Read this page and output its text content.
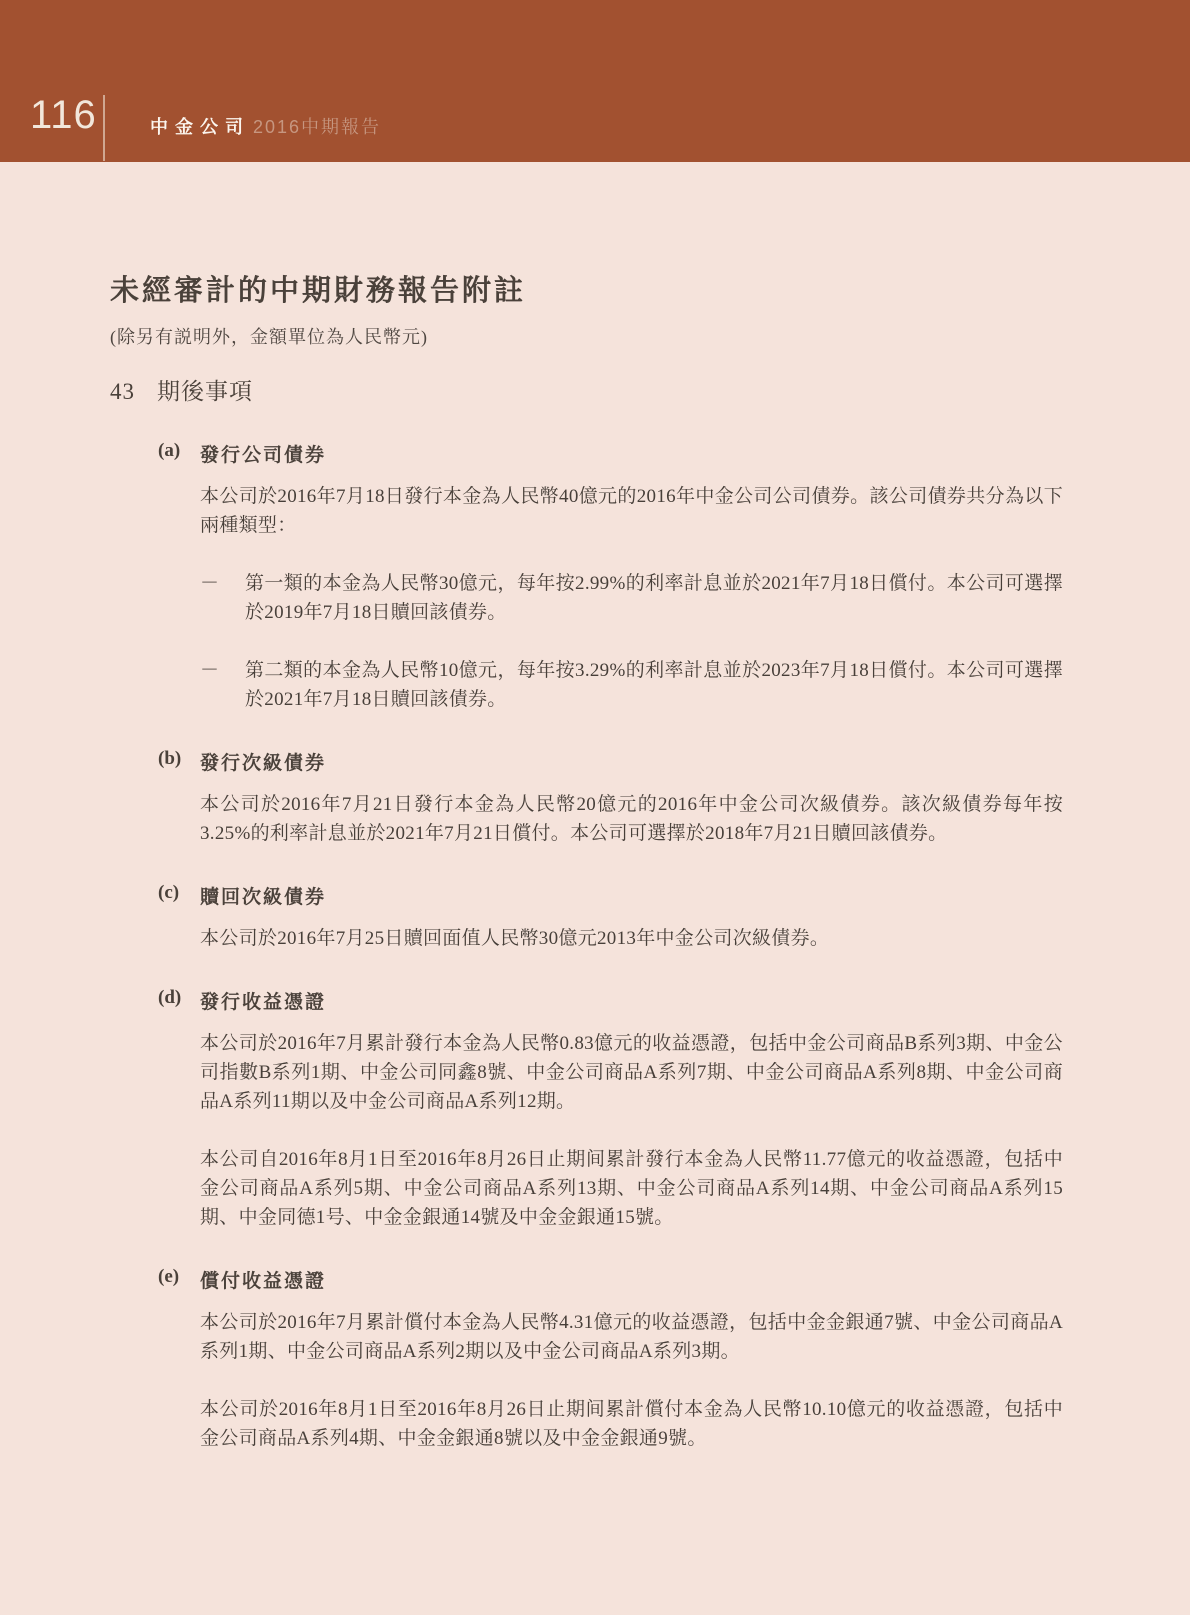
116	中金公司 2016中期報告
未經審計的中期財務報告附註

(除另有説明外，金額單位為人民幣元)

43 期後事項
(a)	發行公司債券

本公司於2016年7月18日發行本金為人民幣40億元的2016年中金公司公司債券。該公司債券共分為以下兩種類型：

－	第一類的本金為人民幣30億元，每年按2.99%的利率計息並於2021年7月18日償付。本公司可選擇於2019年7月18日贖回該債券。

－	第二類的本金為人民幣10億元，每年按3.29%的利率計息並於2023年7月18日償付。本公司可選擇於2021年7月18日贖回該債券。

(b) 發行次級債券

本公司於2016年7月21日發行本金為人民幣20億元的2016年中金公司次級債券。該次級債券每年按3.25%的利率計息並於2021年7月21日償付。本公司可選擇於2018年7月21日贖回該債券。

(c)	贖回次級債券

本公司於2016年7月25日贖回面值人民幣30億元2013年中金公司次級債券。

(d) 發行收益憑證

本公司於2016年7月累計發行本金為人民幣0.83億元的收益憑證，包括中金公司商品B系列3期、中金公司指數B系列1期、中金公司同鑫8號、中金公司商品A系列7期、中金公司商品A系列8期、中金公司商品A系列11期以及中金公司商品A系列12期。

本公司自2016年8月1日至2016年8月26日止期间累計發行本金為人民幣11.77億元的收益憑證，包括中金公司商品A系列5期、中金公司商品A系列13期、中金公司商品A系列14期、中金公司商品A系列15期、中金同德1号、中金金銀通14號及中金金銀通15號。

(e)	償付收益憑證

本公司於2016年7月累計償付本金為人民幣4.31億元的收益憑證，包括中金金銀通7號、中金公司商品A系列1期、中金公司商品A系列2期以及中金公司商品A系列3期。

本公司於2016年8月1日至2016年8月26日止期间累計償付本金為人民幣10.10億元的收益憑證，包括中金公司商品A系列4期、中金金銀通8號以及中金金銀通9號。
